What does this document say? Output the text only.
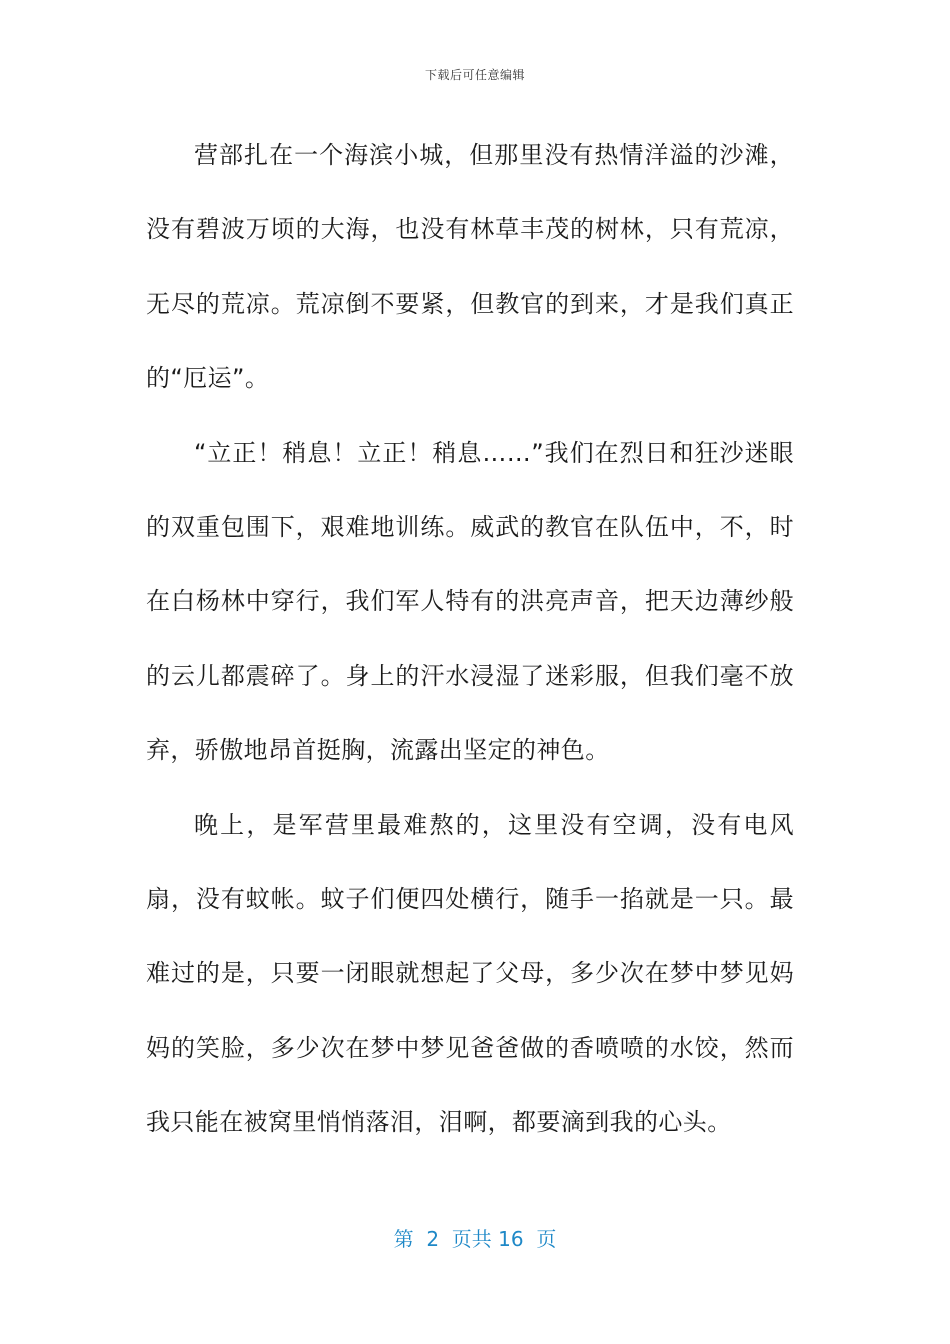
下载后可任意编辑

营部扎在一个海滨小城，但那里没有热情洋溢的沙滩，没有碧波万顷的大海，也没有林草丰茂的树林，只有荒凉，无尽的荒凉。荒凉倒不要紧，但教官的到来，才是我们真正的“厄运”。

“立正！稍息！立正！稍息……”我们在烈日和狂沙迷眼的双重包围下，艰难地训练。威武的教官在队伍中，不，时在白杨林中穿行，我们军人特有的洪亮声音，把天边薄纱般的云儿都震碎了。身上的汗水浸湿了迷彩服，但我们毫不放弃，骄傲地昂首挺胸，流露出坚定的神色。

晚上，是军营里最难熬的，这里没有空调，没有电风扇，没有蚊帐。蚊子们便四处横行，随手一掐就是一只。最难过的是，只要一闭眼就想起了父母，多少次在梦中梦见妈妈的笑脸，多少次在梦中梦见爸爸做的香喷喷的水饺，然而我只能在被窝里悄悄落泪，泪啊，都要滴到我的心头。

第  2  页共 16  页
